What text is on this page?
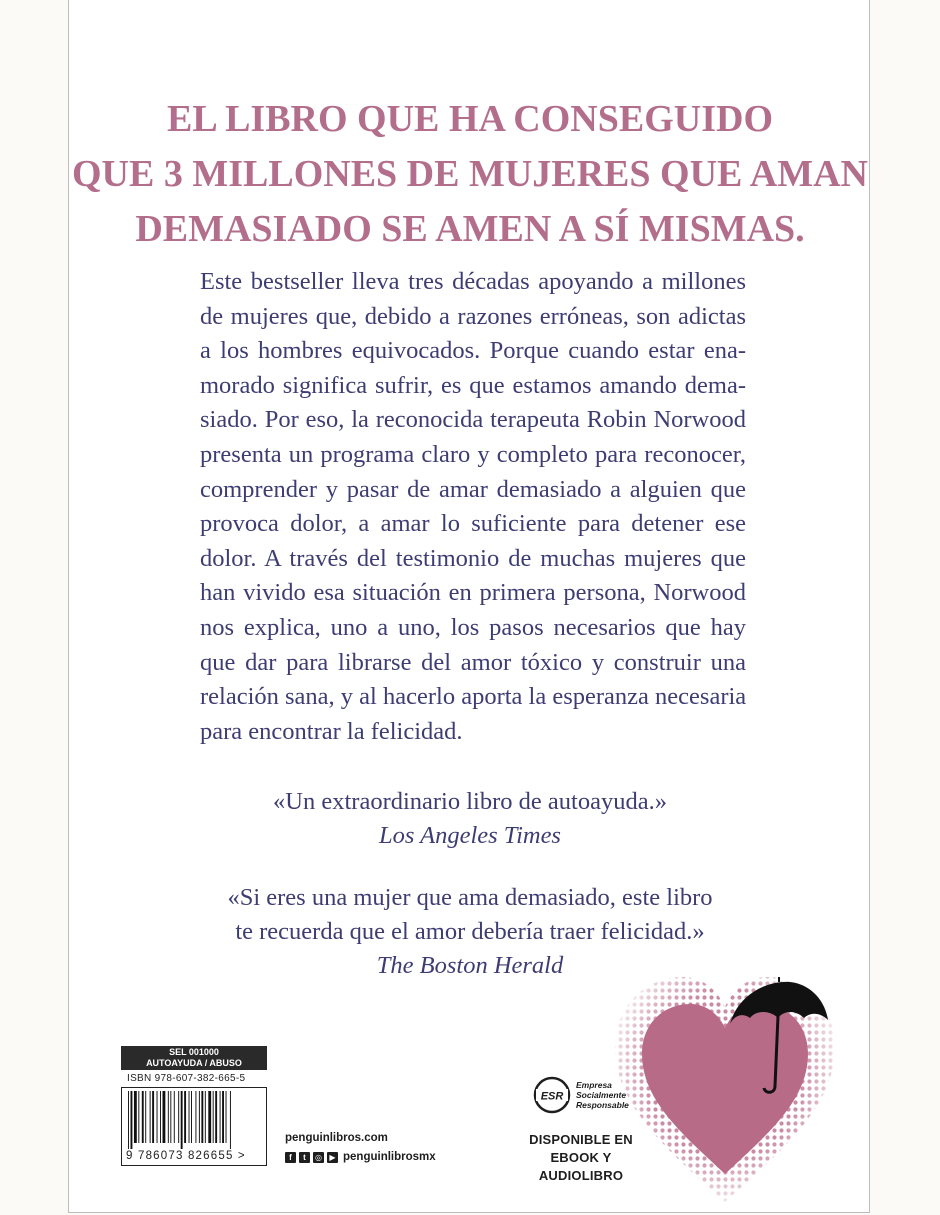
EL LIBRO QUE HA CONSEGUIDO
QUE 3 MILLONES DE MUJERES QUE AMAN
DEMASIADO SE AMEN A SÍ MISMAS.
Este bestseller lleva tres décadas apoyando a millones
de mujeres que, debido a razones erróneas, son adictas
a los hombres equivocados. Porque cuando estar ena-
morado significa sufrir, es que estamos amando dema-
siado. Por eso, la reconocida terapeuta Robin Norwood
presenta un programa claro y completo para reconocer,
comprender y pasar de amar demasiado a alguien que
provoca dolor, a amar lo suficiente para detener ese
dolor. A través del testimonio de muchas mujeres que
han vivido esa situación en primera persona, Norwood
nos explica, uno a uno, los pasos necesarios que hay
que dar para librarse del amor tóxico y construir una
relación sana, y al hacerlo aporta la esperanza necesaria
para encontrar la felicidad.
«Un extraordinario libro de autoayuda.»
Los Angeles Times
«Si eres una mujer que ama demasiado, este libro
te recuerda que el amor debería traer felicidad.»
The Boston Herald
SEL 001000
AUTOAYUDA / ABUSO
ISBN 978-607-382-665-5
9 786073 826655 >
penguinlibros.com
f	t	◎ ▶ penguinlibrosmx
ESR
Empresa
Socialmente
Responsable
DISPONIBLE EN
EBOOK Y AUDIOLIBRO
